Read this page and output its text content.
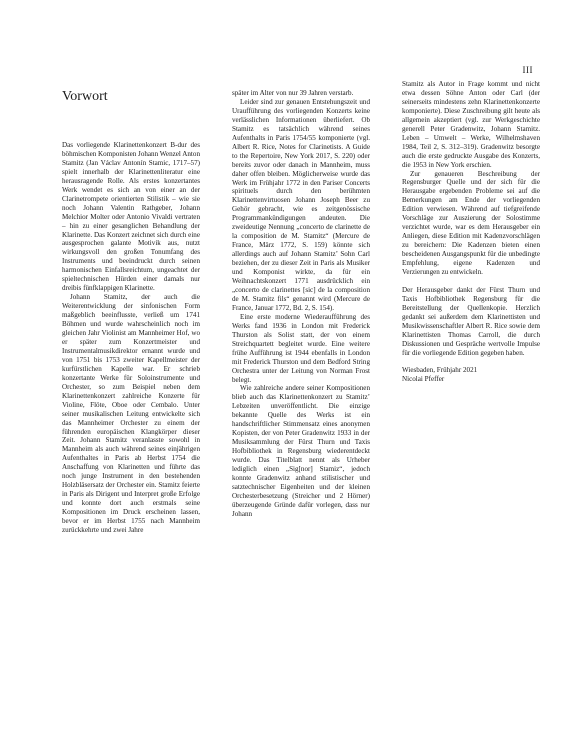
III
Vorwort

Das vorliegende Klarinettenkonzert B-dur des böhmischen Komponisten Johann Wenzel Anton Stamitz (Jan Václav Antonín Stamic, 1717–57) spielt innerhalb der Klarinettenliteratur eine herausragende Rolle. Als erstes konzertantes Werk wendet es sich an von einer an der Clarinetrompete orientierten Stilistik – wie sie noch Johann Valentin Rathgeber, Johann Melchior Molter oder Antonio Vivaldi vertraten – hin zu einer gesanglichen Behandlung der Klarinette. Das Konzert zeichnet sich durch eine ausgesprochen galante Motivik aus, nutzt wirkungsvoll den großen Tonumfang des Instruments und beeindruckt durch seinen harmonischen Einfallsreichtum, ungeachtet der spieltechnischen Hürden einer damals nur dreibis fünfklappigen Klarinette.

Johann Stamitz, der auch die Weiterentwicklung der sinfonischen Form maßgeblich beeinflusste, verließ um 1741 Böhmen und wurde wahrscheinlich noch im gleichen Jahr Violinist am Mannheimer Hof, wo er später zum Konzertmeister und Instrumentalmusikdirektor ernannt wurde und von 1751 bis 1753 zweiter Kapellmeister der kurfürstlichen Kapelle war. Er schrieb konzertante Werke für Soloinstrumente und Orchester, so zum Beispiel neben dem Klarinettenkonzert zahlreiche Konzerte für Violine, Flöte, Oboe oder Cembalo. Unter seiner musikalischen Leitung entwickelte sich das Mannheimer Orchester zu einem der führenden europäischen Klangkörper dieser Zeit. Johann Stamitz veranlasste sowohl in Mannheim als auch während seines einjährigen Aufenthaltes in Paris ab Herbst 1754 die Anschaffung von Klarinetten und führte das noch junge Instrument in den bestehenden Holzbläsersatz der Orchester ein. Stamitz feierte in Paris als Dirigent und Interpret große Erfolge und konnte dort auch erstmals seine Kompositionen im Druck erscheinen lassen, bevor er im Herbst 1755 nach Mannheim zurückkehrte und zwei Jahre

später im Alter von nur 39 Jahren verstarb.

Leider sind zur genauen Entstehungszeit und Uraufführung des vorliegenden Konzerts keine verlässlichen Informationen überliefert. Ob Stamitz es tatsächlich während seines Aufenthalts in Paris 1754/55 komponierte (vgl. Albert R. Rice, Notes for Clarinetists. A Guide to the Repertoire, New York 2017, S. 220) oder bereits zuvor oder danach in Mannheim, muss daher offen bleiben. Möglicherweise wurde das Werk im Frühjahr 1772 in den Pariser Concerts spirituels durch den berühmten Klarinettenvirtuosen Johann Joseph Beer zu Gehör gebracht, wie es zeitgenössische Programmankündigungen andeuten. Die zweideutige Nennung „concerto de clarinette de la composition de M. Stamitz“ (Mercure de France, März 1772, S. 159) könnte sich allerdings auch auf Johann Stamitz’ Sohn Carl beziehen, der zu dieser Zeit in Paris als Musiker und Komponist wirkte, da für ein Weihnachtskonzert 1771 ausdrücklich ein „concerto de clarinettes [sic] de la composition de M. Stamitz fils“ genannt wird (Mercure de France, Januar 1772, Bd. 2, S. 154).

Eine erste moderne Wiederaufführung des Werks fand 1936 in London mit Frederick Thurston als Solist statt, der von einem Streichquartett begleitet wurde. Eine weitere frühe Aufführung ist 1944 ebenfalls in London mit Frederick Thurston und dem Bedford String Orchestra unter der Leitung von Norman Frost belegt.

Wie zahlreiche andere seiner Kompositionen blieb auch das Klarinettenkonzert zu Stamitz’ Lebzeiten unveröffentlicht. Die einzige bekannte Quelle des Werks ist ein handschriftlicher Stimmensatz eines anonymen Kopisten, der von Peter Gradenwitz 1933 in der Musiksammlung der Fürst Thurn und Taxis Hofbibliothek in Regensburg wiederentdeckt wurde. Das Titelblatt nennt als Urheber lediglich einen „Sig[nor] Stamiz“, jedoch konnte Gradenwitz anhand stilistischer und satztechnischer Eigenheiten und der kleinen Orchesterbesetzung (Streicher und 2 Hörner) überzeugende Gründe dafür vorlegen, dass nur Johann

Stamitz als Autor in Frage kommt und nicht etwa dessen Söhne Anton oder Carl (der seinerseits mindestens zehn Klarinettenkonzerte komponierte). Diese Zuschreibung gilt heute als allgemein akzeptiert (vgl. zur Werkgeschichte generell Peter Gradenwitz, Johann Stamitz. Leben – Umwelt – Werke, Wilhelmshaven 1984, Teil 2, S. 312–319). Gradenwitz besorgte auch die erste gedruckte Ausgabe des Konzerts, die 1953 in New York erschien.

Zur genaueren Beschreibung der Regensburger Quelle und der sich für die Herausgabe ergebenden Probleme sei auf die Bemerkungen am Ende der vorliegenden Edition verwiesen. Während auf tiefgreifende Vorschläge zur Auszierung der Solostimme verzichtet wurde, war es dem Herausgeber ein Anliegen, diese Edition mit Kadenzvorschlägen zu bereichern: Die Kadenzen bieten einen bescheidenen Ausgangspunkt für die unbedingte Empfehlung, eigene Kadenzen und Verzierungen zu entwickeln.

Der Herausgeber dankt der Fürst Thurn und Taxis Hofbibliothek Regensburg für die Bereitstellung der Quellenkopie. Herzlich gedankt sei außerdem dem Klarinettisten und Musikwissenschaftler Albert R. Rice sowie dem Klarinettisten Thomas Carroll, die durch Diskussionen und Gespräche wertvolle Impulse für die vorliegende Edition gegeben haben.

Wiesbaden, Frühjahr 2021

Nicolai Pfeffer
